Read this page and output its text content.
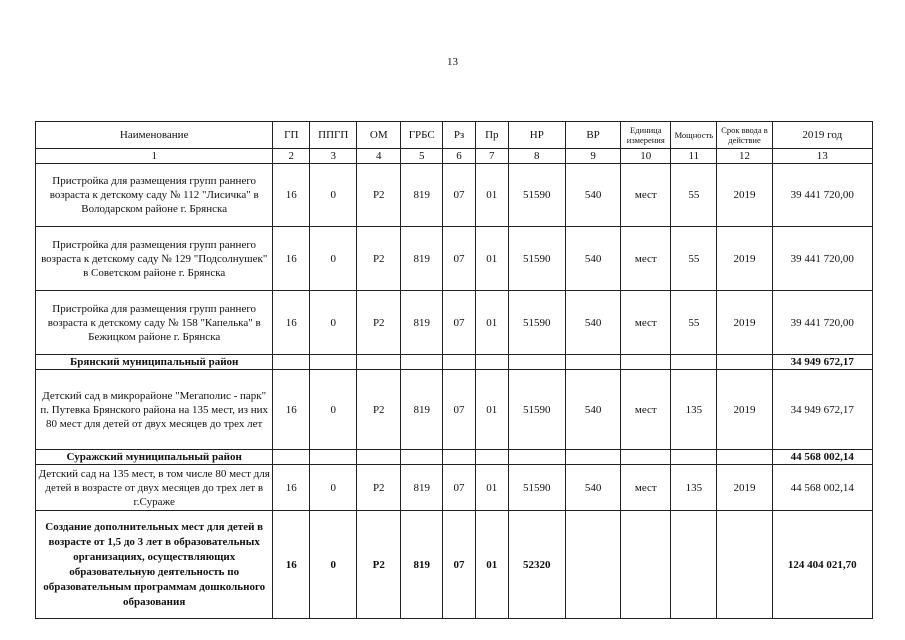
13
Наименование	ГП	ППГП	ОМ	ГРБС	Рз	Пр	НР	ВР	Единица измерения	Мощность	Срок ввода в действие	2019 год
1	2	3	4	5	6	7	8	9	10	11	12	13
Пристройка для размещения групп раннего возраста к детскому саду № 112 "Лисичка" в Володарском районе г. Брянска	16	0	Р2	819	07	01	51590	540	мест	55	2019	39 441 720,00
Пристройка для размещения групп раннего возраста к детскому саду № 129 "Подсолнушек" в Советском районе г. Брянска	16	0	Р2	819	07	01	51590	540	мест	55	2019	39 441 720,00
Пристройка для размещения групп раннего возраста к детскому саду № 158 "Капелька" в Бежицком районе г. Брянска	16	0	Р2	819	07	01	51590	540	мест	55	2019	39 441 720,00
Брянский муниципальный район												34 949 672,17
Детский сад в микрорайоне "Мегаполис - парк" п. Путевка Брянского района на 135 мест, из них 80 мест для детей от двух месяцев до трех лет	16	0	Р2	819	07	01	51590	540	мест	135	2019	34 949 672,17
Суражский муниципальный район												44 568 002,14
Детский сад на 135 мест, в том числе 80 мест для детей в возрасте от двух месяцев до трех лет в г.Сураже	16	0	Р2	819	07	01	51590	540	мест	135	2019	44 568 002,14
Создание дополнительных мест для детей в возрасте от 1,5 до 3 лет в образовательных организациях, осуществляющих образовательную деятельность по образовательным программам дошкольного образования	16	0	Р2	819	07	01	52320					124 404 021,70
